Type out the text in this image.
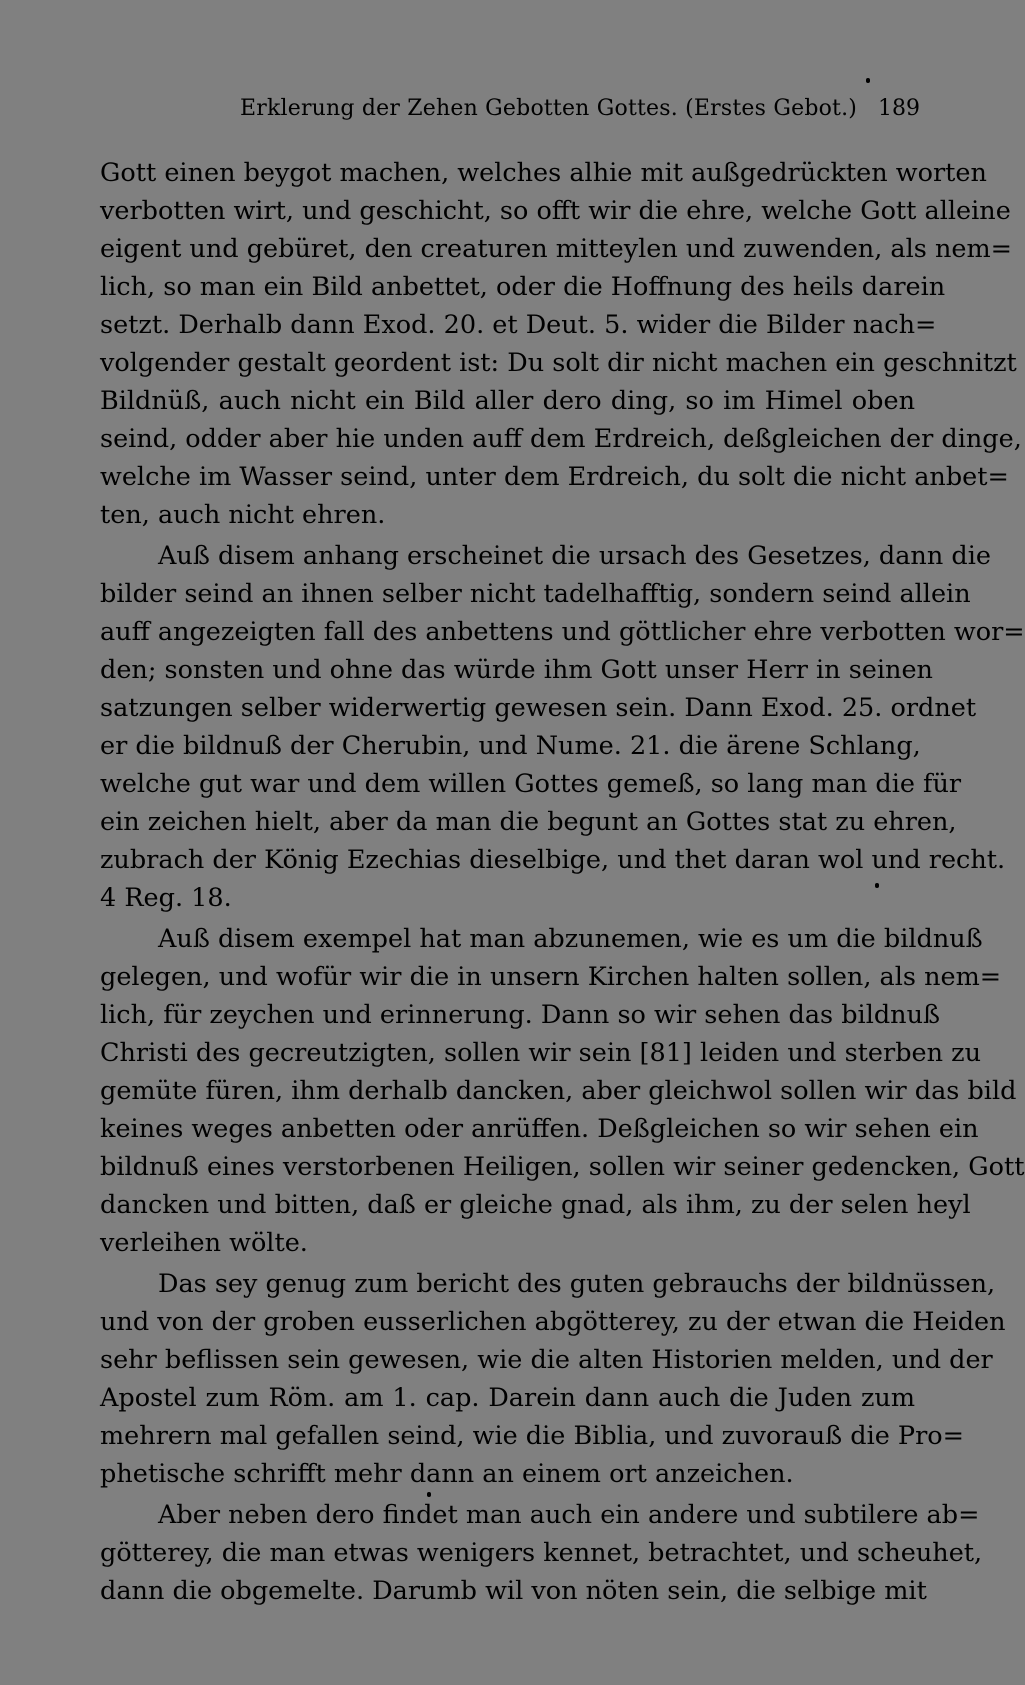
Erklerung der Zehen Gebotten Gottes. (Erstes Gebot.) 189
Gott einen beygot machen, welches alhie mit außgedrückten worten
verbotten wirt, und geschicht, so offt wir die ehre, welche Gott alleine
eigent und gebüret, den creaturen mitteylen und zuwenden, als nem=
lich, so man ein Bild anbettet, oder die Hoffnung des heils darein
setzt. Derhalb dann Exod. 20. et Deut. 5. wider die Bilder nach=
volgender gestalt geordent ist: Du solt dir nicht machen ein geschnitzt
Bildnüß, auch nicht ein Bild aller dero ding, so im Himel oben
seind, odder aber hie unden auff dem Erdreich, deßgleichen der dinge,
welche im Wasser seind, unter dem Erdreich, du solt die nicht anbet=
ten, auch nicht ehren.
Auß disem anhang erscheinet die ursach des Gesetzes, dann die
bilder seind an ihnen selber nicht tadelhafftig, sondern seind allein
auff angezeigten fall des anbettens und göttlicher ehre verbotten wor=
den; sonsten und ohne das würde ihm Gott unser Herr in seinen
satzungen selber widerwertig gewesen sein. Dann Exod. 25. ordnet
er die bildnuß der Cherubin, und Nume. 21. die ärene Schlang,
welche gut war und dem willen Gottes gemeß, so lang man die für
ein zeichen hielt, aber da man die begunt an Gottes stat zu ehren,
zubrach der König Ezechias dieselbige, und thet daran wol und recht.
4 Reg. 18.
Auß disem exempel hat man abzunemen, wie es um die bildnuß
gelegen, und wofür wir die in unsern Kirchen halten sollen, als nem=
lich, für zeychen und erinnerung. Dann so wir sehen das bildnuß
Christi des gecreutzigten, sollen wir sein [81] leiden und sterben zu
gemüte füren, ihm derhalb dancken, aber gleichwol sollen wir das bild
keines weges anbetten oder anrüffen. Deßgleichen so wir sehen ein
bildnuß eines verstorbenen Heiligen, sollen wir seiner gedencken, Gott
dancken und bitten, daß er gleiche gnad, als ihm, zu der selen heyl
verleihen wölte.
Das sey genug zum bericht des guten gebrauchs der bildnüssen,
und von der groben eusserlichen abgötterey, zu der etwan die Heiden
sehr beflissen sein gewesen, wie die alten Historien melden, und der
Apostel zum Röm. am 1. cap. Darein dann auch die Juden zum
mehrern mal gefallen seind, wie die Biblia, und zuvorauß die Pro=
phetische schrifft mehr dann an einem ort anzeichen.
Aber neben dero findet man auch ein andere und subtilere ab=
götterey, die man etwas wenigers kennet, betrachtet, und scheuhet,
dann die obgemelte. Darumb wil von nöten sein, die selbige mit
